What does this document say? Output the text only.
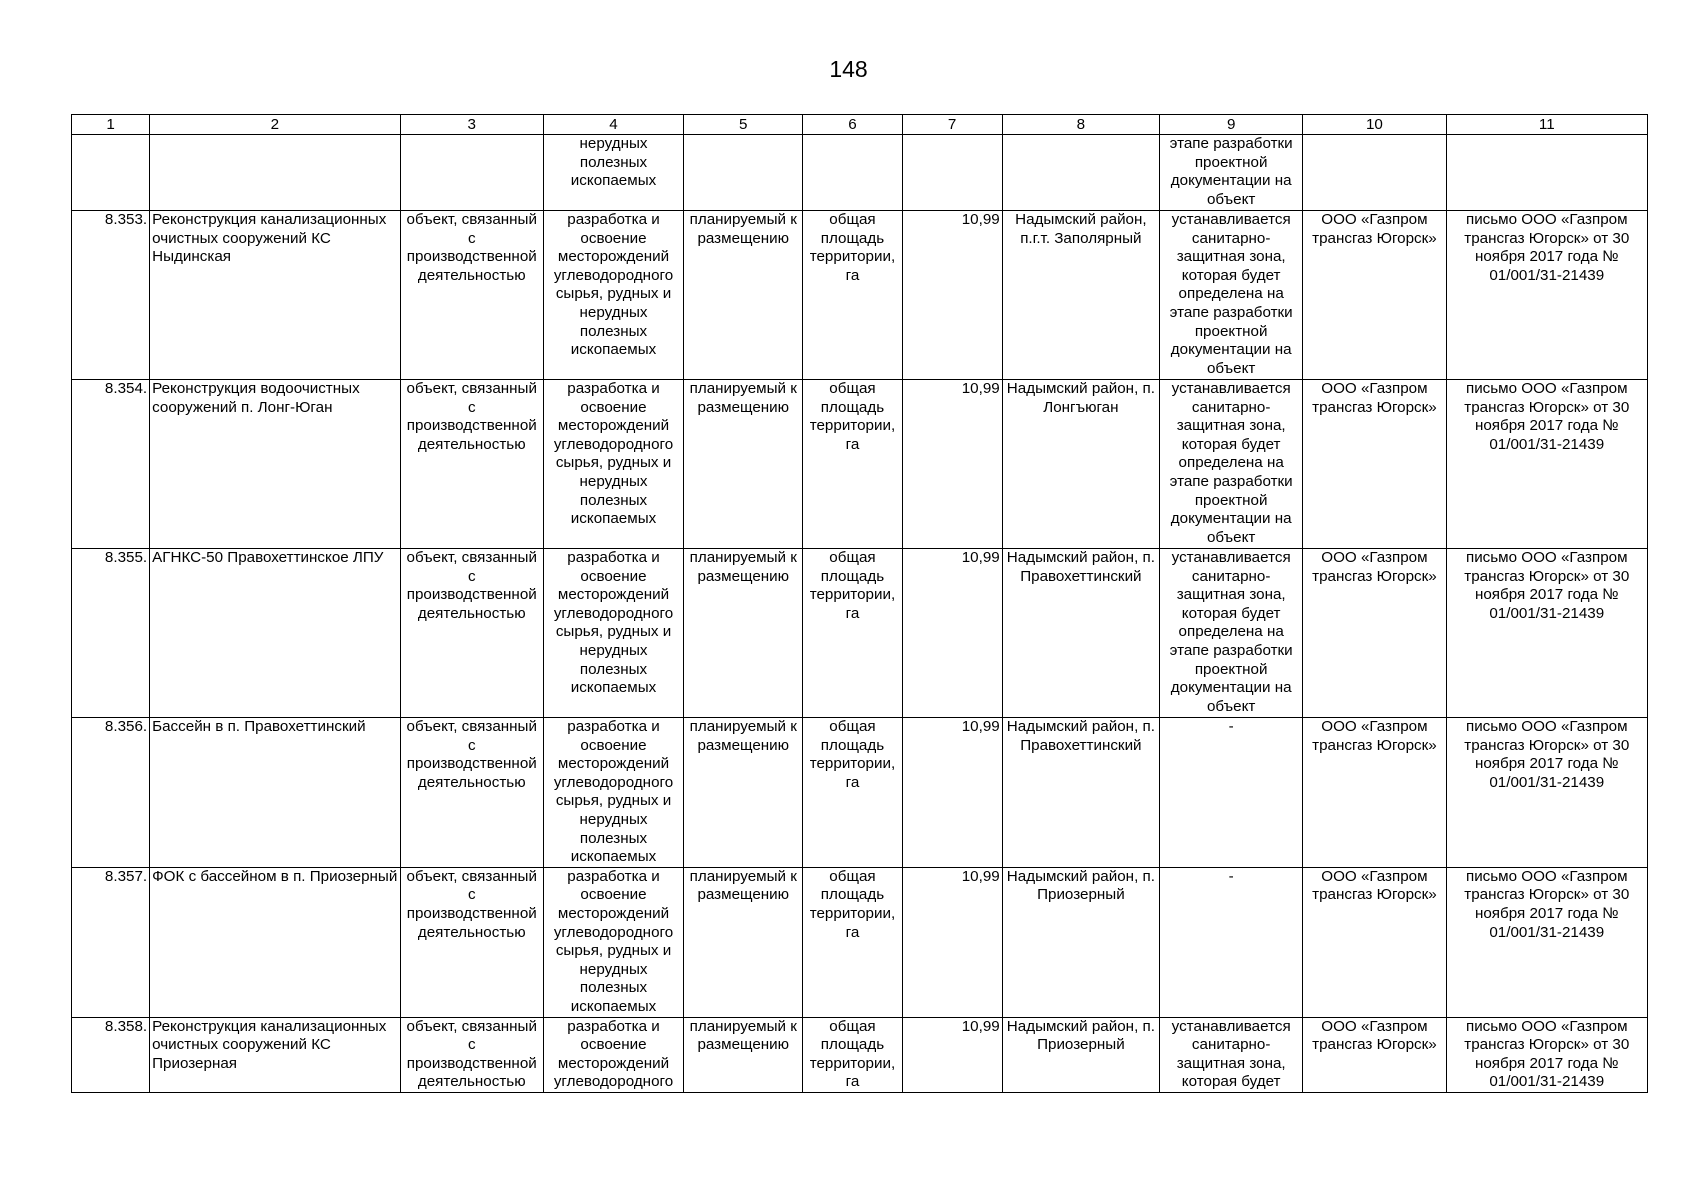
148
1	2	3	4	5	6	7	8	9	10	11
			нерудных полезных ископаемых					этапе разработки проектной документации на объект		
8.353.	Реконструкция канализационных очистных сооружений КС Ныдинская	объект, связанный с производственной деятельностью	разработка и освоение месторождений углеводородного сырья, рудных и нерудных полезных ископаемых	планируемый к размещению	общая площадь территории, га	10,99	Надымский район, п.г.т. Заполярный	устанавливается санитарно-защитная зона, которая будет определена на этапе разработки проектной документации на объект	ООО «Газпром трансгаз Югорск»	письмо ООО «Газпром трансгаз Югорск» от 30 ноября 2017 года № 01/001/31-21439
8.354.	Реконструкция водоочистных сооружений п. Лонг-Юган	объект, связанный с производственной деятельностью	разработка и освоение месторождений углеводородного сырья, рудных и нерудных полезных ископаемых	планируемый к размещению	общая площадь территории, га	10,99	Надымский район, п. Лонгъюган	устанавливается санитарно-защитная зона, которая будет определена на этапе разработки проектной документации на объект	ООО «Газпром трансгаз Югорск»	письмо ООО «Газпром трансгаз Югорск» от 30 ноября 2017 года № 01/001/31-21439
8.355.	АГНКС-50 Правохеттинское ЛПУ	объект, связанный с производственной деятельностью	разработка и освоение месторождений углеводородного сырья, рудных и нерудных полезных ископаемых	планируемый к размещению	общая площадь территории, га	10,99	Надымский район, п. Правохеттинский	устанавливается санитарно-защитная зона, которая будет определена на этапе разработки проектной документации на объект	ООО «Газпром трансгаз Югорск»	письмо ООО «Газпром трансгаз Югорск» от 30 ноября 2017 года № 01/001/31-21439
8.356.	Бассейн в п. Правохеттинский	объект, связанный с производственной деятельностью	разработка и освоение месторождений углеводородного сырья, рудных и нерудных полезных ископаемых	планируемый к размещению	общая площадь территории, га	10,99	Надымский район, п. Правохеттинский	-	ООО «Газпром трансгаз Югорск»	письмо ООО «Газпром трансгаз Югорск» от 30 ноября 2017 года № 01/001/31-21439
8.357.	ФОК с бассейном в п. Приозерный	объект, связанный с производственной деятельностью	разработка и освоение месторождений углеводородного сырья, рудных и нерудных полезных ископаемых	планируемый к размещению	общая площадь территории, га	10,99	Надымский район, п. Приозерный	-	ООО «Газпром трансгаз Югорск»	письмо ООО «Газпром трансгаз Югорск» от 30 ноября 2017 года № 01/001/31-21439
8.358.	Реконструкция канализационных очистных сооружений КС Приозерная	объект, связанный с производственной деятельностью	разработка и освоение месторождений углеводородного	планируемый к размещению	общая площадь территории, га	10,99	Надымский район, п. Приозерный	устанавливается санитарно-защитная зона, которая будет	ООО «Газпром трансгаз Югорск»	письмо ООО «Газпром трансгаз Югорск» от 30 ноября 2017 года № 01/001/31-21439
